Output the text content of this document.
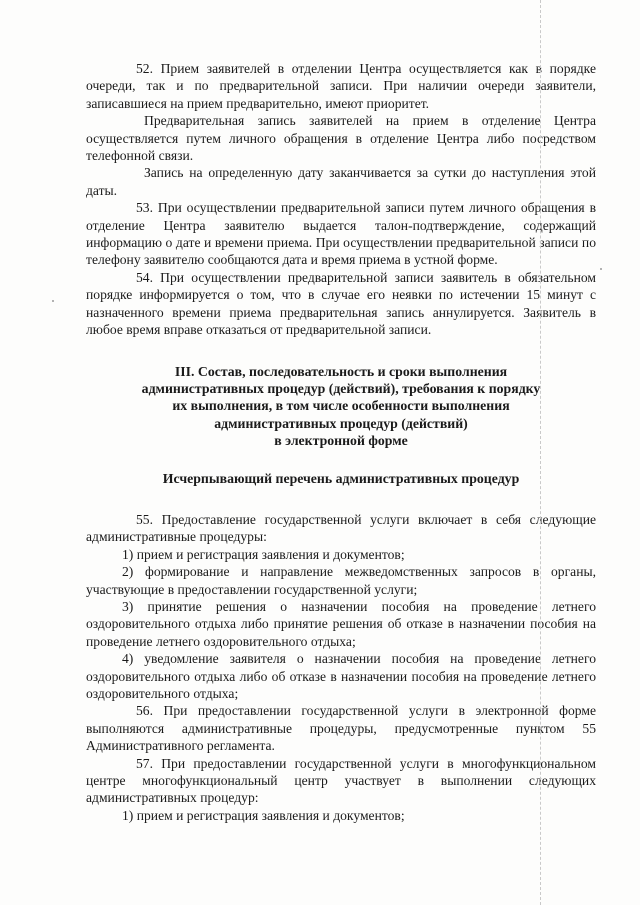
52. Прием заявителей в отделении Центра осуществляется как в порядке очереди, так и по предварительной записи. При наличии очереди заявители, записавшиеся на прием предварительно, имеют приоритет.

Предварительная запись заявителей на прием в отделение Центра осуществляется путем личного обращения в отделение Центра либо посредством телефонной связи.

Запись на определенную дату заканчивается за сутки до наступления этой даты.

53. При осуществлении предварительной записи путем личного обращения в отделение Центра заявителю выдается талон-подтверждение, содержащий информацию о дате и времени приема. При осуществлении предварительной записи по телефону заявителю сообщаются дата и время приема в устной форме.

54. При осуществлении предварительной записи заявитель в обязательном порядке информируется о том, что в случае его неявки по истечении 15 минут с назначенного времени приема предварительная запись аннулируется. Заявитель в любое время вправе отказаться от предварительной записи.

III. Состав, последовательность и сроки выполнения

административных процедур (действий), требования к порядку

их выполнения, в том числе особенности выполнения

административных процедур (действий)

в электронной форме

Исчерпывающий перечень административных процедур

55. Предоставление государственной услуги включает в себя следующие административные процедуры:

1) прием и регистрация заявления и документов;

2) формирование и направление межведомственных запросов в органы, участвующие в предоставлении государственной услуги;

3) принятие решения о назначении пособия на проведение летнего оздоровительного отдыха либо принятие решения об отказе в назначении пособия на проведение летнего оздоровительного отдыха;

4) уведомление заявителя о назначении пособия на проведение летнего оздоровительного отдыха либо об отказе в назначении пособия на проведение летнего оздоровительного отдыха;

56. При предоставлении государственной услуги в электронной форме выполняются административные процедуры, предусмотренные пунктом 55 Административного регламента.

57. При предоставлении государственной услуги в многофункциональном центре многофункциональный центр участвует в выполнении следующих административных процедур:

1) прием и регистрация заявления и документов;
